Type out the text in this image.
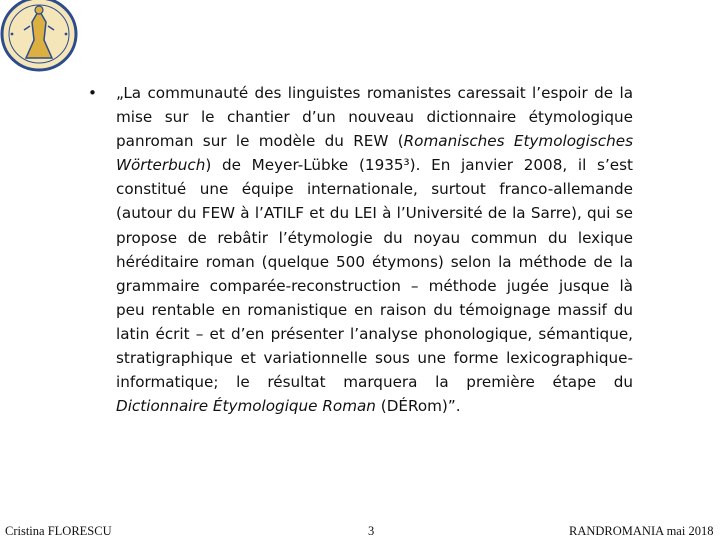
• „La communauté des linguistes romanistes caressait l’espoir de la mise sur le chantier d’un nouveau dictionnaire étymologique panroman sur le modèle du REW (Romanisches Etymologisches Wörterbuch) de Meyer-Lübke (1935³). En janvier 2008, il s’est constitué une équipe internationale, surtout franco-allemande (autour du FEW à l’ATILF et du LEI à l’Université de la Sarre), qui se propose de rebâtir l’étymologie du noyau commun du lexique héréditaire roman (quelque 500 étymons) selon la méthode de la grammaire comparée-reconstruction – méthode jugée jusque là peu rentable en romanistique en raison du témoignage massif du latin écrit – et d’en présenter l’analyse phonologique, sémantique, stratigraphique et variationnelle sous une forme lexicographique-informatique; le résultat marquera la première étape du Dictionnaire Étymologique Roman (DÉRom)”.
Cristina FLORESCU	3	RANDROMANIA mai 2018
